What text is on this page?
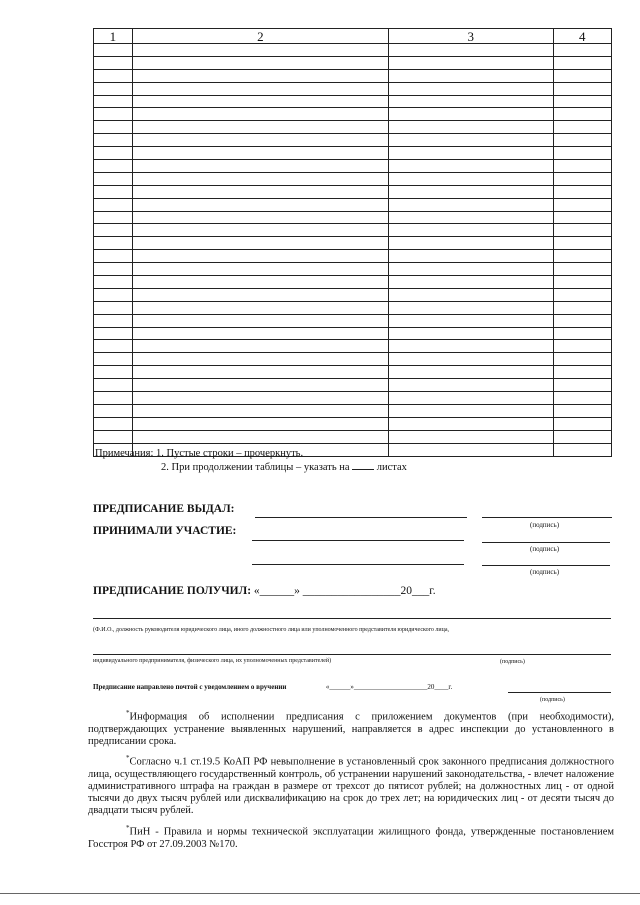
1	2	3	4

Примечания: 1. Пустые строки – прочеркнуть.
2. При продолжении таблицы – указать на	листах
ПРЕДПИСАНИЕ ВЫДАЛ:
(подпись)
ПРИНИМАЛИ УЧАСТИЕ:
(подпись)
(подпись)
ПРЕДПИСАНИЕ ПОЛУЧИЛ: «______» _________________20___г.
(Ф.И.О., должность руководителя юридического лица, иного должностного лица или уполномоченного представителя юридического лица,
индивидуального предпринимателя, физического лица, их уполномоченных представителей)	(подпись)
Предписание направлено почтой с уведомлением о вручении	«______»_____________________20____г.
(подпись)
*Информация об исполнении предписания с приложением документов (при необходимости), подтверждающих устранение выявленных нарушений, направляется в адрес инспекции до установленного в предписании срока.
*Согласно ч.1 ст.19.5 КоАП РФ невыполнение в установленный срок законного предписания должностного лица, осуществляющего государственный контроль, об устранении нарушений законодательства, - влечет наложение административного штрафа на граждан в размере от трехсот до пятисот рублей; на должностных лиц - от одной тысячи до двух тысяч рублей или дисквалификацию на срок до трех лет; на юридических лиц - от десяти тысяч до двадцати тысяч рублей.
*ПиН - Правила и нормы технической эксплуатации жилищного фонда, утвержденные постановлением Госстроя РФ от 27.09.2003 №170.
